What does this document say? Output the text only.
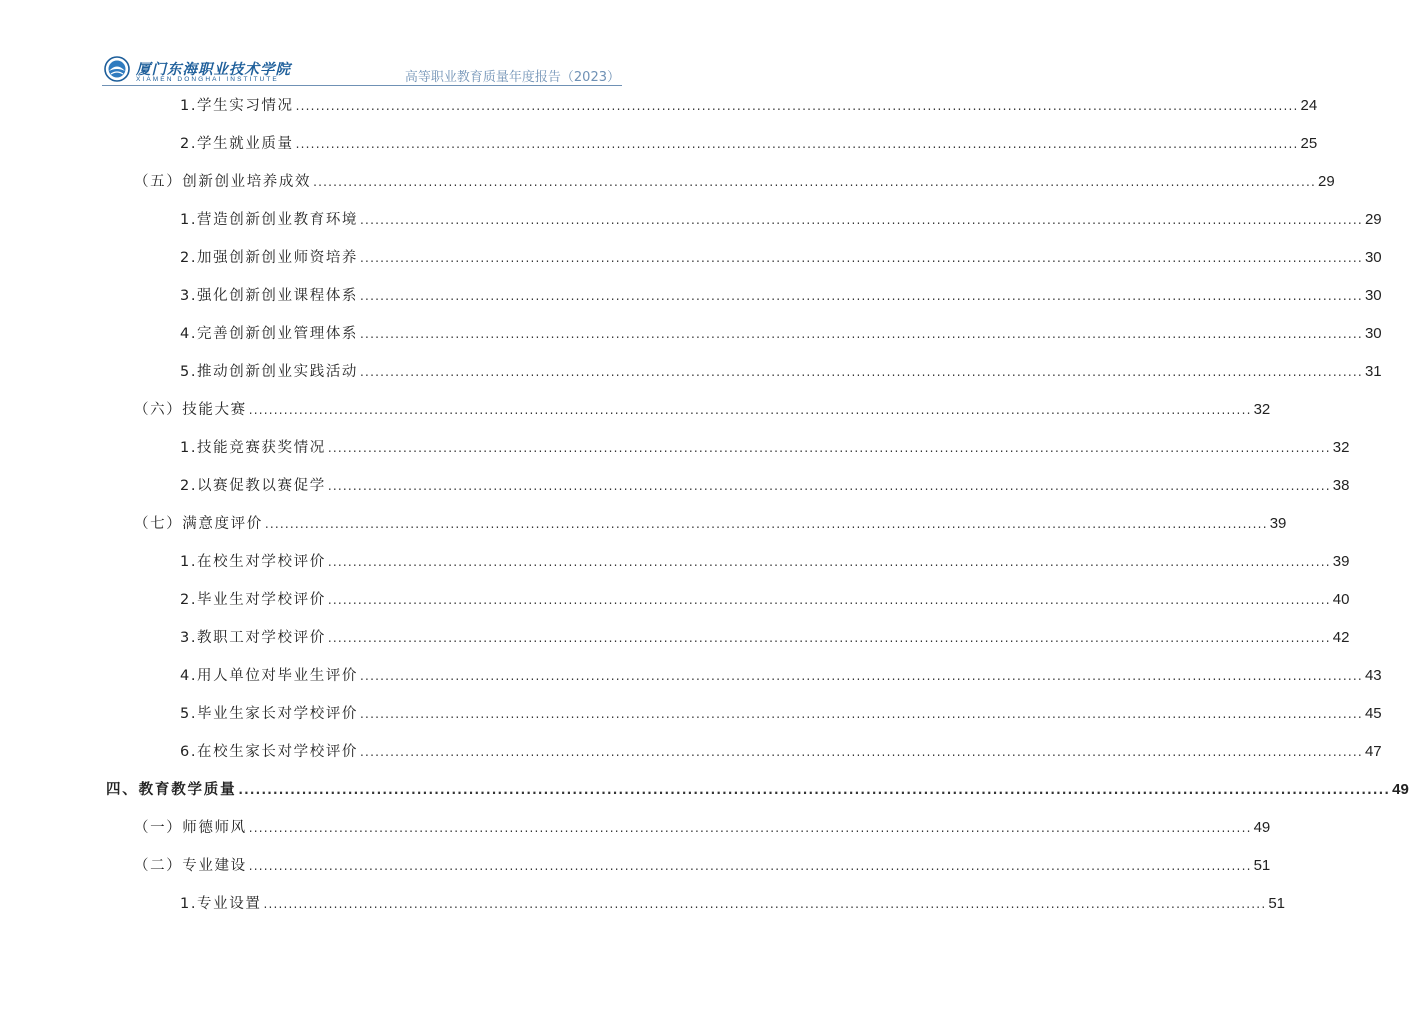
厦门东海职业技术学院
XIAMEN DONGHAI INSTITUTE	高等职业教育质量年度报告（2023）
1.学生实习情况 ........................................................................................................................................................................................................ 24
2.学生就业质量 ........................................................................................................................................................................................................ 25
（五）创新创业培养成效 ........................................................................................................................................................................................................ 29
1.营造创新创业教育环境 ........................................................................................................................................................................................................ 29
2.加强创新创业师资培养 ........................................................................................................................................................................................................ 30
3.强化创新创业课程体系 ........................................................................................................................................................................................................ 30
4.完善创新创业管理体系 ........................................................................................................................................................................................................ 30
5.推动创新创业实践活动 ........................................................................................................................................................................................................ 31
（六）技能大赛 ........................................................................................................................................................................................................ 32
1.技能竞赛获奖情况 ........................................................................................................................................................................................................ 32
2.以赛促教以赛促学 ........................................................................................................................................................................................................ 38
（七）满意度评价 ........................................................................................................................................................................................................ 39
1.在校生对学校评价 ........................................................................................................................................................................................................ 39
2.毕业生对学校评价 ........................................................................................................................................................................................................ 40
3.教职工对学校评价 ........................................................................................................................................................................................................ 42
4.用人单位对毕业生评价 ........................................................................................................................................................................................................ 43
5.毕业生家长对学校评价 ........................................................................................................................................................................................................ 45
6.在校生家长对学校评价 ........................................................................................................................................................................................................ 47
四、教育教学质量 ........................................................................................................................................................................................................ 49
（一）师德师风 ........................................................................................................................................................................................................ 49
（二）专业建设 ........................................................................................................................................................................................................ 51
1.专业设置 ........................................................................................................................................................................................................ 51
